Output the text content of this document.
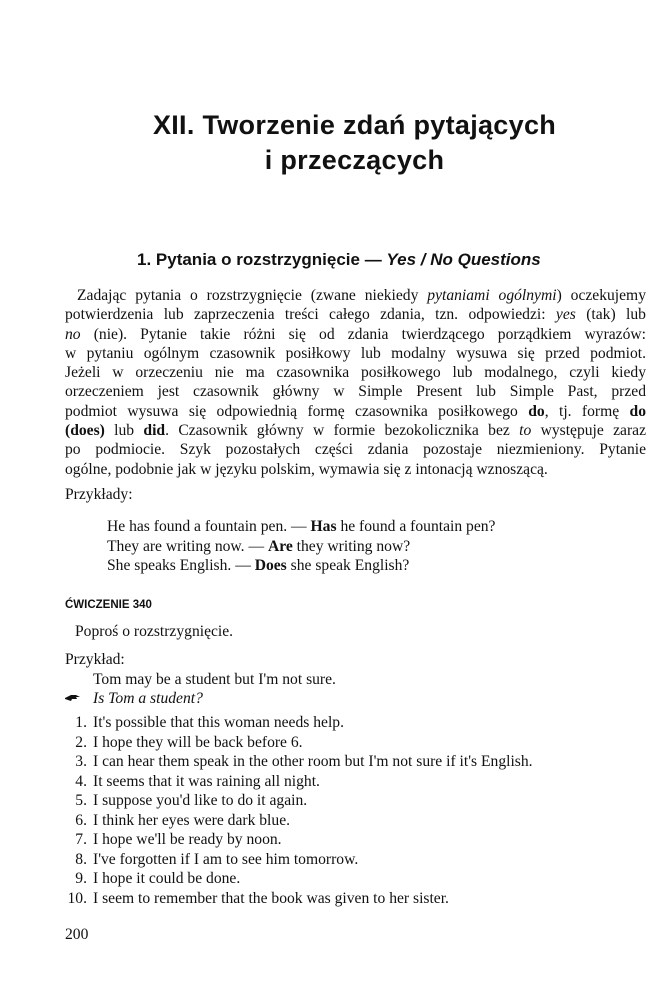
XII. Tworzenie zdań pytających
i przeczących
1. Pytania o rozstrzygnięcie — Yes / No Questions
Zadając pytania o rozstrzygnięcie (zwane niekiedy pytaniami ogólnymi) oczekujemy
potwierdzenia lub zaprzeczenia treści całego zdania, tzn. odpowiedzi: yes (tak) lub
no (nie). Pytanie takie różni się od zdania twierdzącego porządkiem wyrazów:
w pytaniu ogólnym czasownik posiłkowy lub modalny wysuwa się przed podmiot.
Jeżeli w orzeczeniu nie ma czasownika posiłkowego lub modalnego, czyli kiedy
orzeczeniem jest czasownik główny w Simple Present lub Simple Past, przed
podmiot wysuwa się odpowiednią formę czasownika posiłkowego do, tj. formę do
(does) lub did. Czasownik główny w formie bezokolicznika bez to występuje zaraz
po podmiocie. Szyk pozostałych części zdania pozostaje niezmieniony. Pytanie
ogólne, podobnie jak w języku polskim, wymawia się z intonacją wznoszącą.
Przykłady:
He has found a fountain pen. — Has he found a fountain pen?
They are writing now. — Are they writing now?
She speaks English. — Does she speak English?
ĆWICZENIE 340
Poproś o rozstrzygnięcie.
Przykład:
Tom may be a student but I'm not sure.
Is Tom a student?
1. It's possible that this woman needs help.
2. I hope they will be back before 6.
3. I can hear them speak in the other room but I'm not sure if it's English.
4. It seems that it was raining all night.
5. I suppose you'd like to do it again.
6. I think her eyes were dark blue.
7. I hope we'll be ready by noon.
8. I've forgotten if I am to see him tomorrow.
9. I hope it could be done.
10. I seem to remember that the book was given to her sister.
200
